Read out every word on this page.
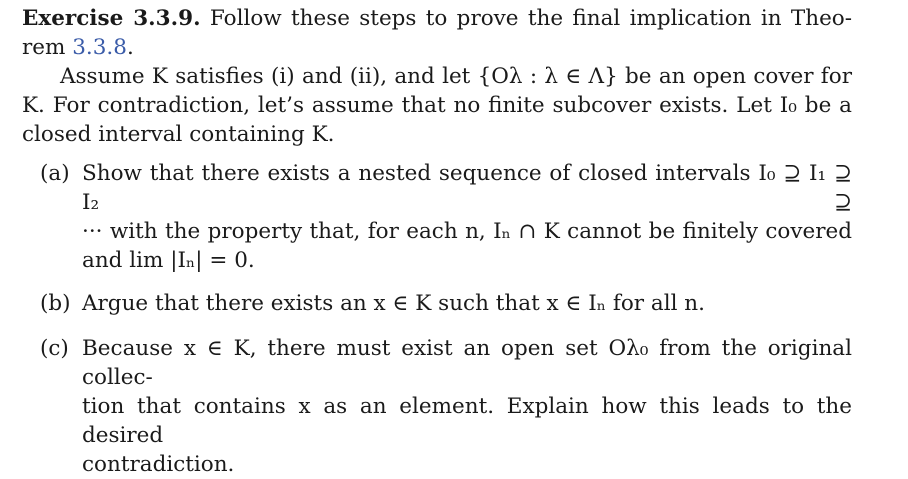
Exercise 3.3.9. Follow these steps to prove the final implication in Theo-
rem 3.3.8.
Assume K satisfies (i) and (ii), and let {Oλ : λ ∈ Λ} be an open cover for
K. For contradiction, let’s assume that no finite subcover exists. Let I₀ be a
closed interval containing K.
(a) Show that there exists a nested sequence of closed intervals I₀ ⊇ I₁ ⊇ I₂ ⊇
··· with the property that, for each n, Iₙ ∩ K cannot be finitely covered
and lim |Iₙ| = 0.
(b) Argue that there exists an x ∈ K such that x ∈ Iₙ for all n.
(c) Because x ∈ K, there must exist an open set Oλ₀ from the original collec-
tion that contains x as an element. Explain how this leads to the desired
contradiction.
